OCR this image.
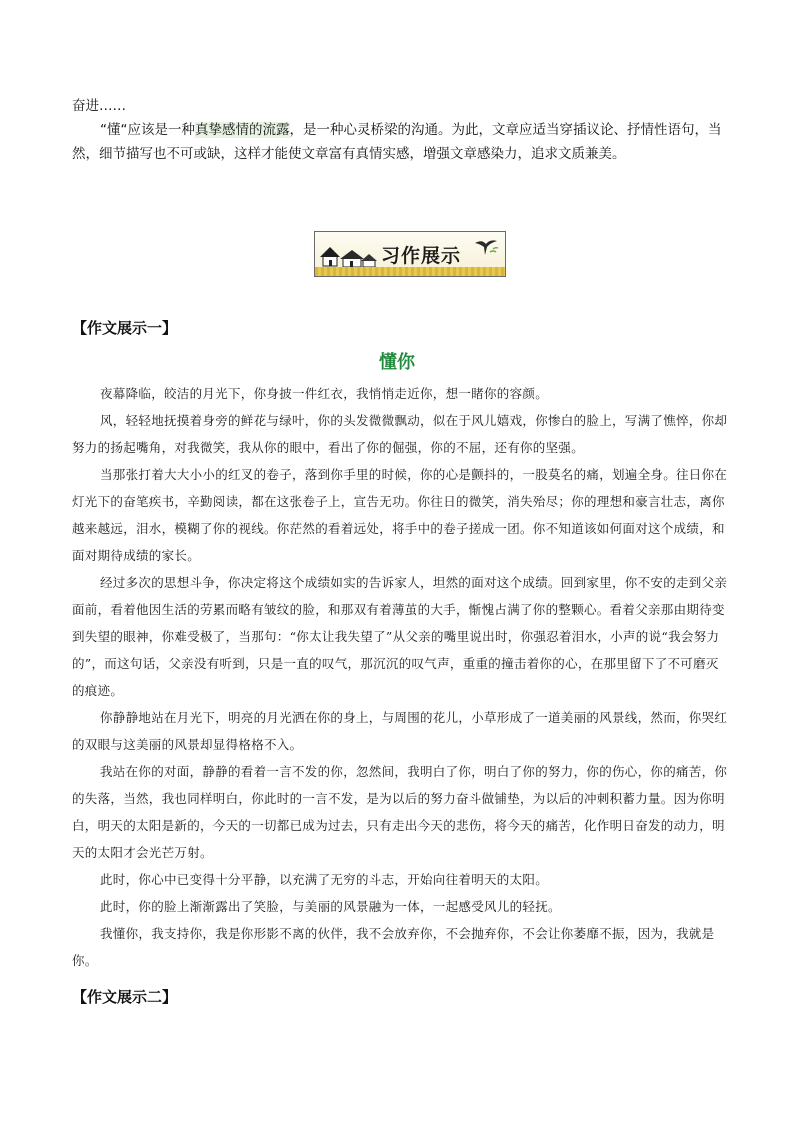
奋进……

“懂“应该是一种真挚感情的流露，是一种心灵桥梁的沟通。为此，文章应适当穿插议论、抒情性语句，当然，细节描写也不可或缺，这样才能使文章富有真情实感，增强文章感染力，追求文质兼美。

习作展示
【作文展示一】
懂你

夜幕降临，皎洁的月光下，你身披一件红衣，我悄悄走近你，想一睹你的容颜。

风，轻轻地抚摸着身旁的鲜花与绿叶，你的头发微微飘动，似在于风儿嬉戏，你惨白的脸上，写满了憔悴，你却努力的扬起嘴角，对我微笑，我从你的眼中，看出了你的倔强，你的不屈，还有你的坚强。

当那张打着大大小小的红叉的卷子，落到你手里的时候，你的心是颤抖的，一股莫名的痛，划遍全身。往日你在灯光下的奋笔疾书，辛勤阅读，都在这张卷子上，宣告无功。你往日的微笑，消失殆尽；你的理想和豪言壮志，离你越来越远，泪水，模糊了你的视线。你茫然的看着远处，将手中的卷子搓成一团。你不知道该如何面对这个成绩，和面对期待成绩的家长。

经过多次的思想斗争，你决定将这个成绩如实的告诉家人，坦然的面对这个成绩。回到家里，你不安的走到父亲面前，看着他因生活的劳累而略有皱纹的脸，和那双有着薄茧的大手，惭愧占满了你的整颗心。看着父亲那由期待变到失望的眼神，你难受极了，当那句：“你太让我失望了”从父亲的嘴里说出时，你强忍着泪水，小声的说“我会努力的”，而这句话，父亲没有听到，只是一直的叹气，那沉沉的叹气声，重重的撞击着你的心，在那里留下了不可磨灭的痕迹。

你静静地站在月光下，明亮的月光洒在你的身上，与周围的花儿，小草形成了一道美丽的风景线，然而，你哭红的双眼与这美丽的风景却显得格格不入。

我站在你的对面，静静的看着一言不发的你，忽然间，我明白了你，明白了你的努力，你的伤心，你的痛苦，你的失落，当然，我也同样明白，你此时的一言不发，是为以后的努力奋斗做铺垫，为以后的冲刺积蓄力量。因为你明白，明天的太阳是新的，今天的一切都已成为过去，只有走出今天的悲伤，将今天的痛苦，化作明日奋发的动力，明天的太阳才会光芒万射。

此时，你心中已变得十分平静，以充满了无穷的斗志，开始向往着明天的太阳。

此时，你的脸上渐渐露出了笑脸，与美丽的风景融为一体，一起感受风儿的轻抚。

我懂你，我支持你，我是你形影不离的伙伴，我不会放弃你，不会抛弃你，不会让你萎靡不振，因为，我就是你。

【作文展示二】
